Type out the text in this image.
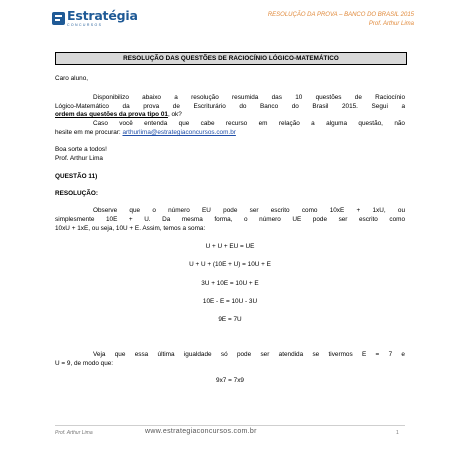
Estratégia
CONCURSOS
RESOLUÇÃO DA PROVA – BANCO DO BRASIL 2015
Prof. Arthur Lima
RESOLUÇÃO DAS QUESTÕES DE RACIOCÍNIO LÓGICO-MATEMÁTICO
Caro aluno,
Disponibilizo abaixo a resolução resumida das 10 questões de Raciocínio
Lógico-Matemático da prova de Escriturário do Banco do Brasil 2015. Segui a
ordem das questões da prova tipo 01, ok?
Caso você entenda que cabe recurso em relação a alguma questão, não
hesite em me procurar: arthurlima@estrategiaconcursos.com.br
Boa sorte a todos!
Prof. Arthur Lima
QUESTÃO 11)
RESOLUÇÃO:
Observe que o número EU pode ser escrito como 10xE + 1xU, ou
simplesmente 10E + U. Da mesma forma, o número UE pode ser escrito como
10xU + 1xE, ou seja, 10U + E. Assim, temos a soma:
U + U + EU = UE
U + U + (10E + U) = 10U + E
3U + 10E = 10U + E
10E - E = 10U - 3U
9E = 7U
Veja que essa última igualdade só pode ser atendida se tivermos E = 7 e
U = 9, de modo que:
9x7 = 7x9
Prof. Arthur Lima	www.estrategiaconcursos.com.br	1
